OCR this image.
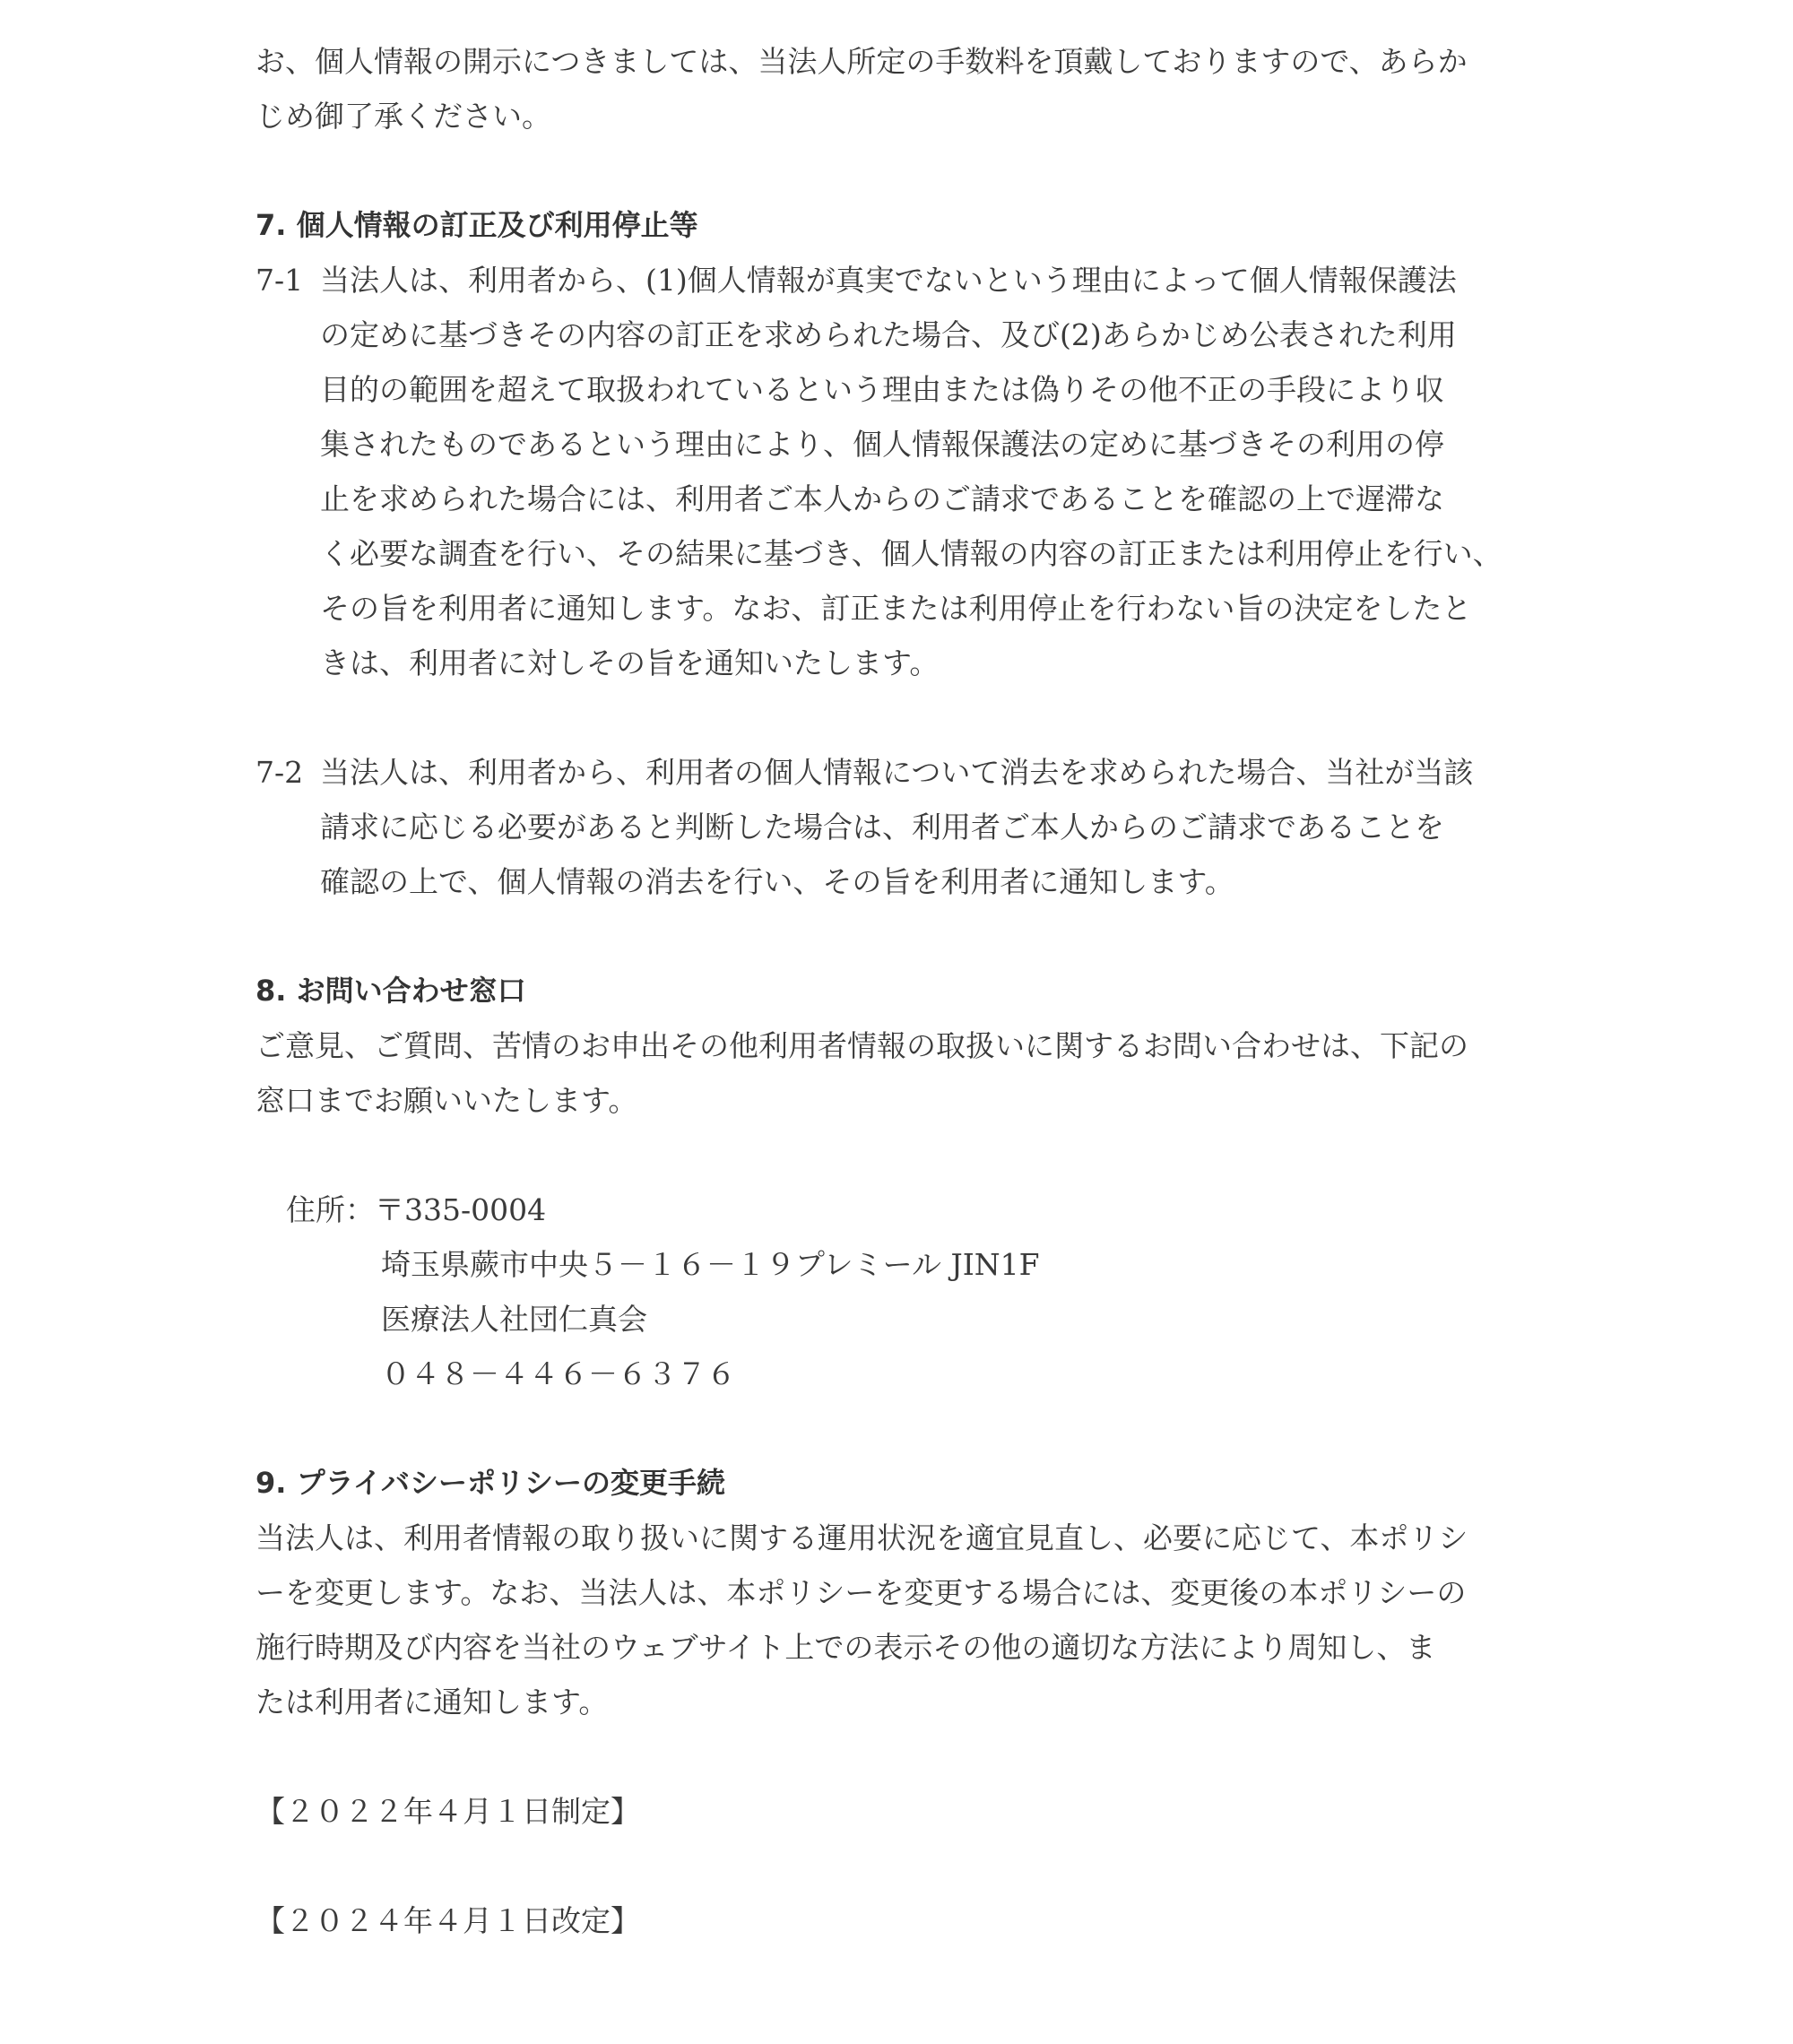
お、個人情報の開示につきましては、当法人所定の手数料を頂戴しておりますので、あらか

じめ御了承ください。

7. 個人情報の訂正及び利用停止等
7-1 当法人は、利用者から、(1)個人情報が真実でないという理由によって個人情報保護法
の定めに基づきその内容の訂正を求められた場合、及び(2)あらかじめ公表された利用
目的の範囲を超えて取扱われているという理由または偽りその他不正の手段により収
集されたものであるという理由により、個人情報保護法の定めに基づきその利用の停
止を求められた場合には、利用者ご本人からのご請求であることを確認の上で遅滞な
く必要な調査を行い、その結果に基づき、個人情報の内容の訂正または利用停止を行い、
その旨を利用者に通知します。なお、訂正または利用停止を行わない旨の決定をしたと
きは、利用者に対しその旨を通知いたします。
7-2 当法人は、利用者から、利用者の個人情報について消去を求められた場合、当社が当該
請求に応じる必要があると判断した場合は、利用者ご本人からのご請求であることを
確認の上で、個人情報の消去を行い、その旨を利用者に通知します。
8. お問い合わせ窓口

ご意見、ご質問、苦情のお申出その他利用者情報の取扱いに関するお問い合わせは、下記の

窓口までお願いいたします。

住所：〒335-0004
埼玉県蕨市中央５－１６－１９プレミール JIN1F
医療法人社団仁真会
０４８－４４６－６３７６
9. プライバシーポリシーの変更手続

当法人は、利用者情報の取り扱いに関する運用状況を適宜見直し、必要に応じて、本ポリシ

ーを変更します。なお、当法人は、本ポリシーを変更する場合には、変更後の本ポリシーの

施行時期及び内容を当社のウェブサイト上での表示その他の適切な方法により周知し、ま

たは利用者に通知します。

【２０２２年４月１日制定】

【２０２４年４月１日改定】
